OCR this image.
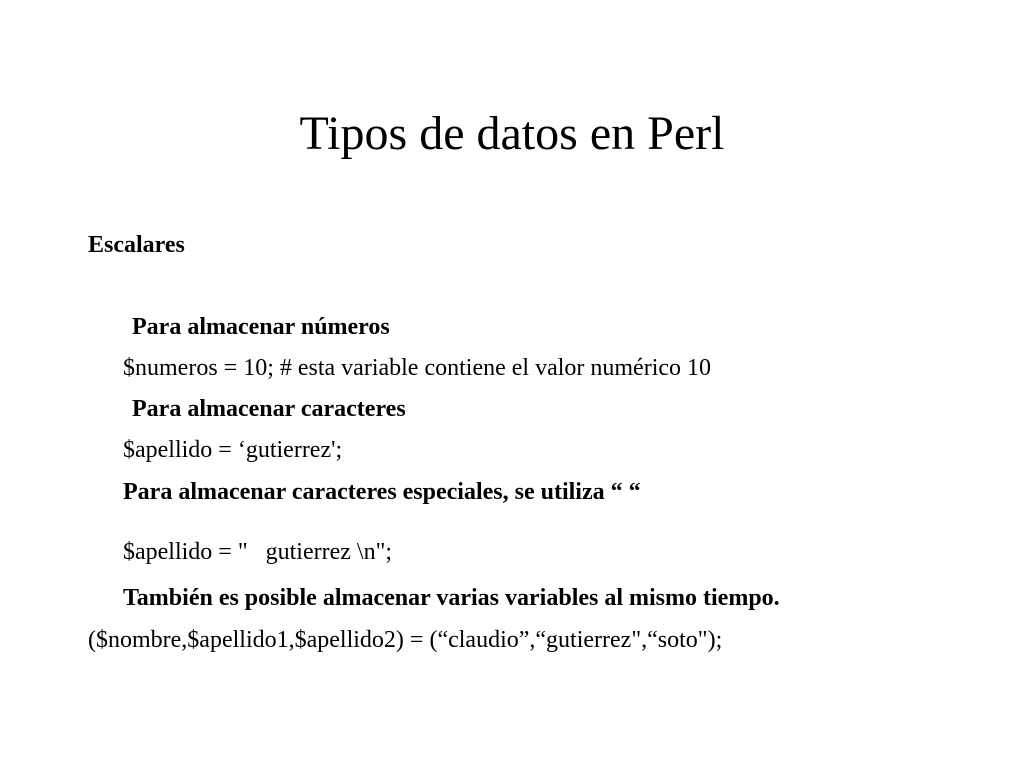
Tipos de datos en Perl
Escalares
Para almacenar números
$numeros = 10; # esta variable contiene el valor numérico 10
Para almacenar caracteres
$apellido = ‘gutierrez';
Para almacenar caracteres especiales, se utiliza “ “
$apellido = "   gutierrez \n";
También es posible almacenar varias variables al mismo tiempo.
($nombre,$apellido1,$apellido2) = (“claudio”,“gutierrez",“soto");
